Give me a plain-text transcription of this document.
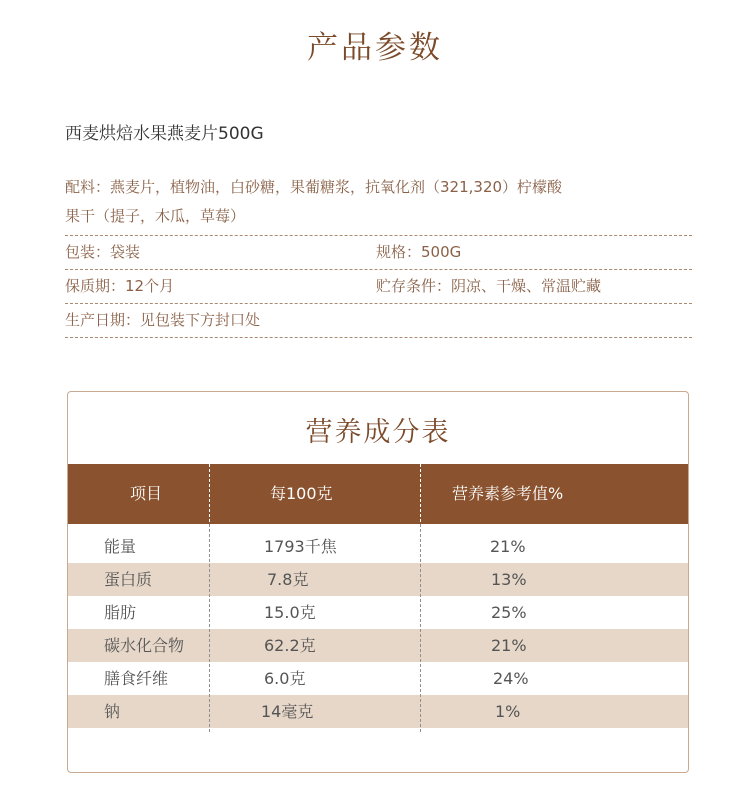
产品参数
西麦烘焙水果燕麦片500G
配料：燕麦片，植物油，白砂糖，果葡糖浆，抗氧化剂（321,320）柠檬酸
果干（提子，木瓜，草莓）
包装：袋装	规格：500G
保质期：12个月	贮存条件：阴凉、干燥、常温贮藏
生产日期：见包装下方封口处
营养成分表
项目	每100克	营养素参考值%
能量	1793千焦	21%
蛋白质	7.8克	13%
脂肪	15.0克	25%
碳水化合物	62.2克	21%
膳食纤维	6.0克	24%
钠	14毫克	1%
